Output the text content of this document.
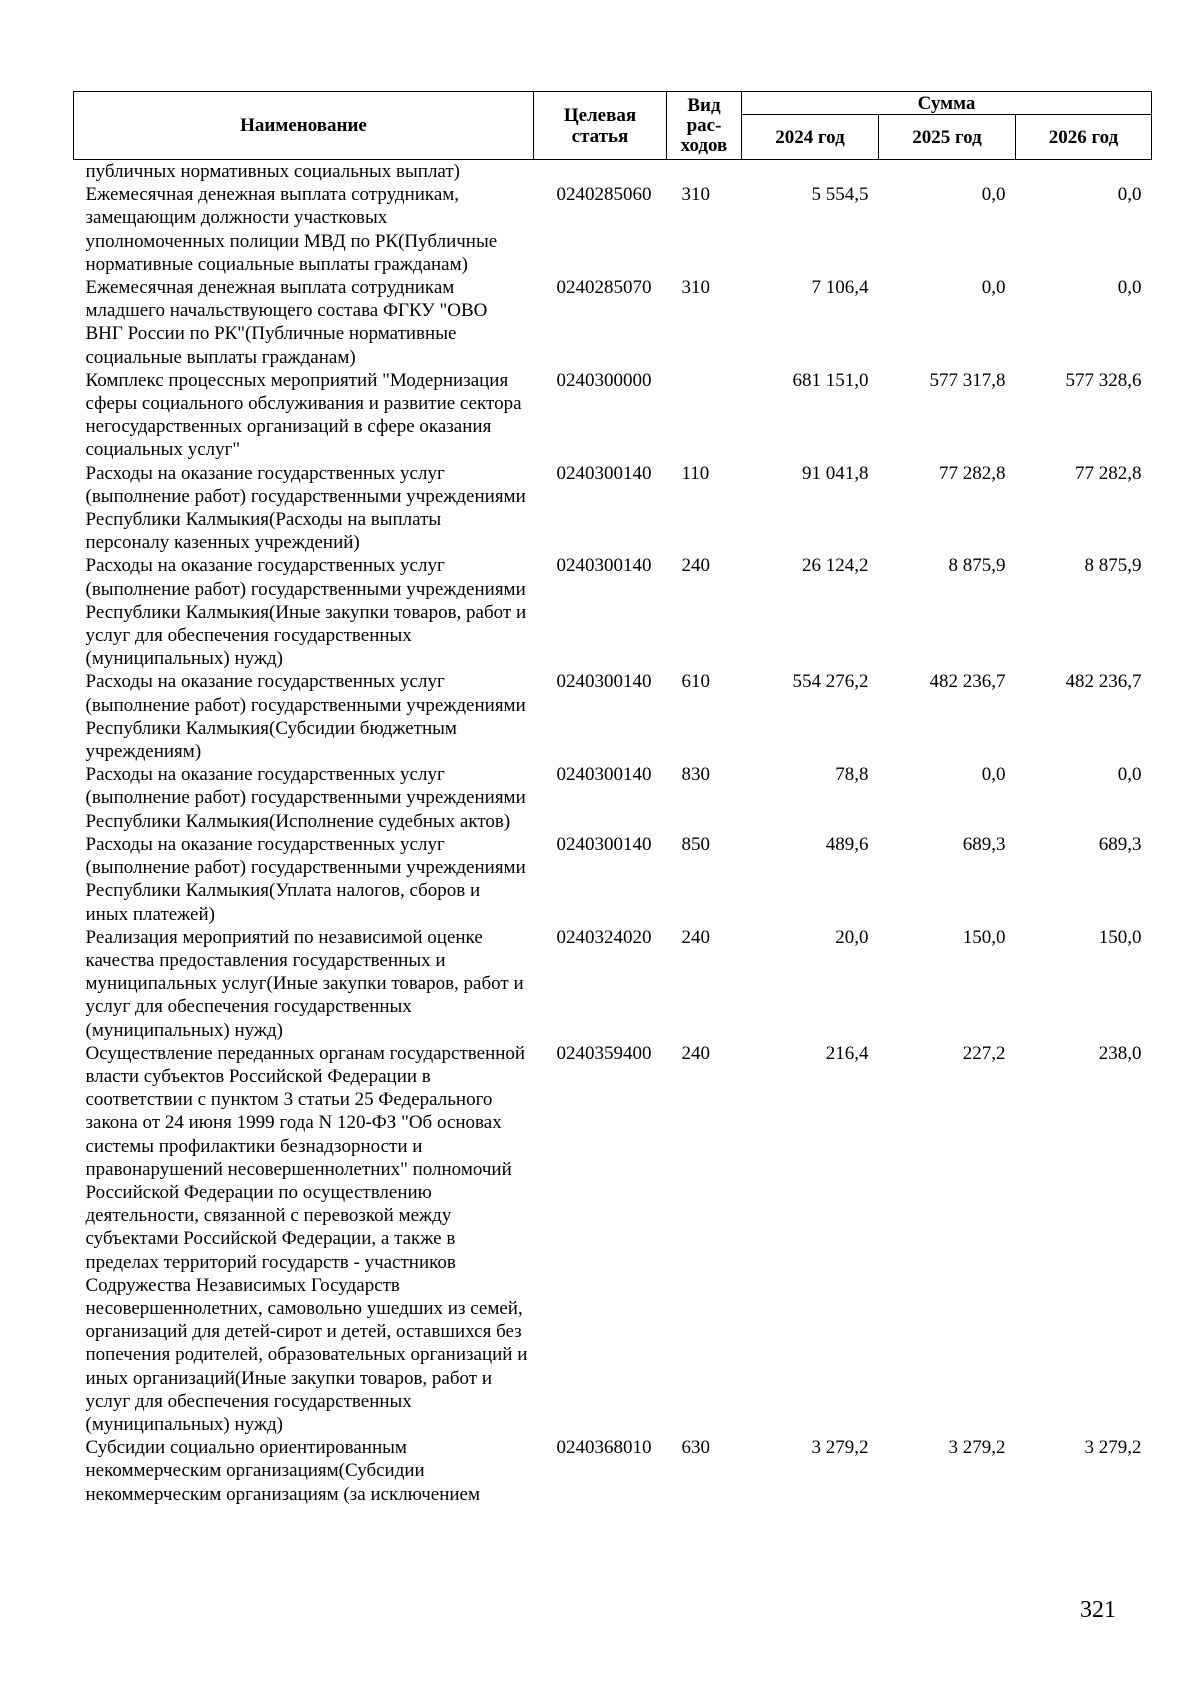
Наименование	Целевая статья	Вид рас-ходов	Сумма		
			2024 год	2025 год	2026 год
публичных нормативных социальных выплат)					
Ежемесячная денежная выплата сотрудникам, замещающим должности участковых уполномоченных полиции МВД по РК(Публичные нормативные социальные выплаты гражданам)	0240285060	310	5 554,5	0,0	0,0
Ежемесячная денежная выплата сотрудникам младшего начальствующего состава ФГКУ "ОВО ВНГ России по РК"(Публичные нормативные социальные выплаты гражданам)	0240285070	310	7 106,4	0,0	0,0
Комплекс процессных мероприятий "Модернизация сферы социального обслуживания и развитие сектора негосударственных организаций в сфере оказания социальных услуг"	0240300000		681 151,0	577 317,8	577 328,6
Расходы на оказание государственных услуг (выполнение работ) государственными учреждениями Республики Калмыкия(Расходы на выплаты персоналу казенных учреждений)	0240300140	110	91 041,8	77 282,8	77 282,8
Расходы на оказание государственных услуг (выполнение работ) государственными учреждениями Республики Калмыкия(Иные закупки товаров, работ и услуг для обеспечения государственных (муниципальных) нужд)	0240300140	240	26 124,2	8 875,9	8 875,9
Расходы на оказание государственных услуг (выполнение работ) государственными учреждениями Республики Калмыкия(Субсидии бюджетным учреждениям)	0240300140	610	554 276,2	482 236,7	482 236,7
Расходы на оказание государственных услуг (выполнение работ) государственными учреждениями Республики Калмыкия(Исполнение судебных актов)	0240300140	830	78,8	0,0	0,0
Расходы на оказание государственных услуг (выполнение работ) государственными учреждениями Республики Калмыкия(Уплата налогов, сборов и иных платежей)	0240300140	850	489,6	689,3	689,3
Реализация мероприятий по независимой оценке качества предоставления государственных и муниципальных услуг(Иные закупки товаров, работ и услуг для обеспечения государственных (муниципальных) нужд)	0240324020	240	20,0	150,0	150,0
Осуществление переданных органам государственной власти субъектов Российской Федерации в соответствии с пунктом 3 статьи 25 Федерального закона от 24 июня 1999 года N 120-ФЗ "Об основах системы профилактики безнадзорности и правонарушений несовершеннолетних" полномочий Российской Федерации по осуществлению деятельности, связанной с перевозкой между субъектами Российской Федерации, а также в пределах территорий государств - участников Содружества Независимых Государств несовершеннолетних, самовольно ушедших из семей, организаций для детей-сирот и детей, оставшихся без попечения родителей, образовательных организаций и иных организаций(Иные закупки товаров, работ и услуг для обеспечения государственных (муниципальных) нужд)	0240359400	240	216,4	227,2	238,0
Субсидии социально ориентированным некоммерческим организациям(Субсидии некоммерческим организациям (за исключением	0240368010	630	3 279,2	3 279,2	3 279,2
321
